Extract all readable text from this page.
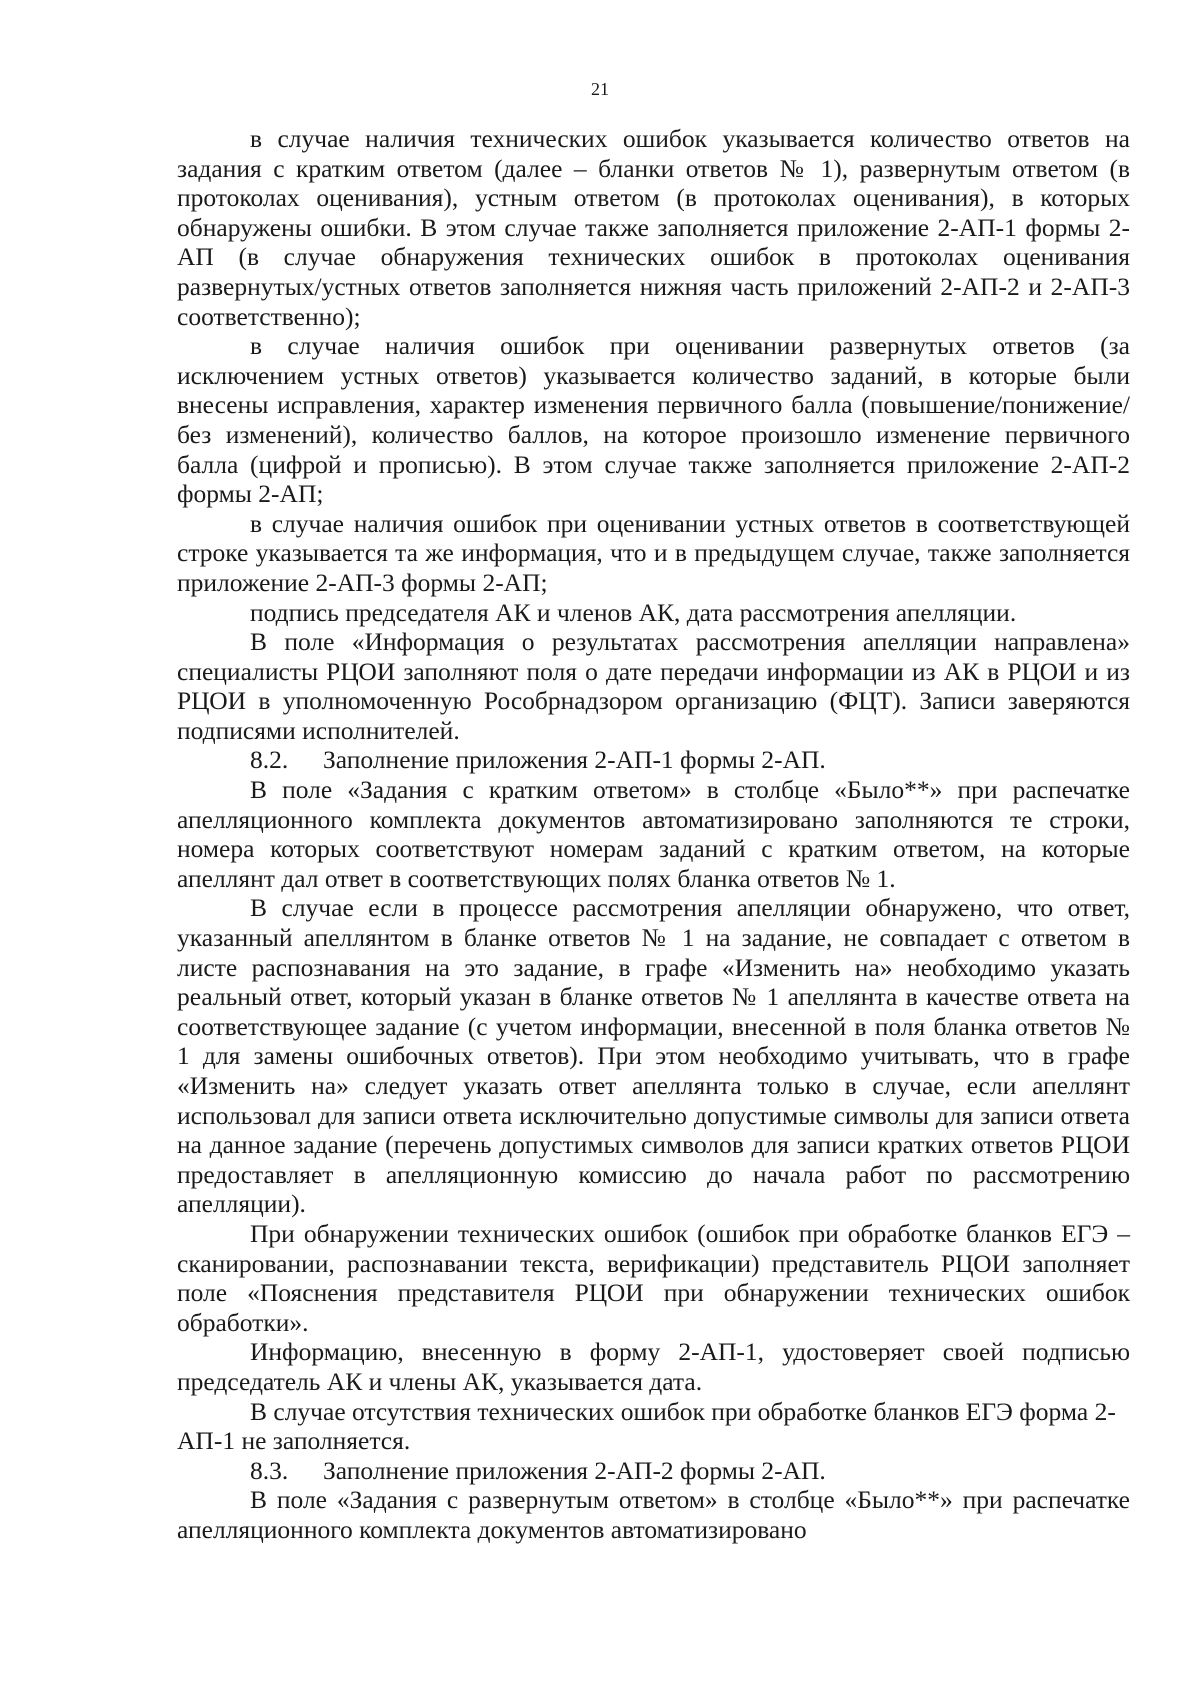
21

в случае наличия технических ошибок указывается количество ответов на задания с кратким ответом (далее – бланки ответов № 1), развернутым ответом (в протоколах оценивания), устным ответом (в протоколах оценивания), в которых обнаружены ошибки. В этом случае также заполняется приложение 2-АП-1 формы 2-АП (в случае обнаружения технических ошибок в протоколах оценивания развернутых/устных ответов заполняется нижняя часть приложений 2-АП-2 и 2-АП-3 соответственно);

в случае наличия ошибок при оценивании развернутых ответов (за исключением устных ответов) указывается количество заданий, в которые были внесены исправления, характер изменения первичного балла (повышение/понижение/без изменений), количество баллов, на которое произошло изменение первичного балла (цифрой и прописью). В этом случае также заполняется приложение 2-АП-2 формы 2-АП;

в случае наличия ошибок при оценивании устных ответов в соответствующей строке указывается та же информация, что и в предыдущем случае, также заполняется приложение 2-АП-3 формы 2-АП;

подпись председателя АК и членов АК, дата рассмотрения апелляции.

В поле «Информация о результатах рассмотрения апелляции направлена» специалисты РЦОИ заполняют поля о дате передачи информации из АК в РЦОИ и из РЦОИ в уполномоченную Рособрнадзором организацию (ФЦТ). Записи заверяются подписями исполнителей.

8.2. Заполнение приложения 2-АП-1 формы 2-АП.

В поле «Задания с кратким ответом» в столбце «Было**» при распечатке апелляционного комплекта документов автоматизировано заполняются те строки, номера которых соответствуют номерам заданий с кратким ответом, на которые апеллянт дал ответ в соответствующих полях бланка ответов № 1.

В случае если в процессе рассмотрения апелляции обнаружено, что ответ, указанный апеллянтом в бланке ответов № 1 на задание, не совпадает с ответом в листе распознавания на это задание, в графе «Изменить на» необходимо указать реальный ответ, который указан в бланке ответов № 1 апеллянта в качестве ответа на соответствующее задание (с учетом информации, внесенной в поля бланка ответов № 1 для замены ошибочных ответов). При этом необходимо учитывать, что в графе «Изменить на» следует указать ответ апеллянта только в случае, если апеллянт использовал для записи ответа исключительно допустимые символы для записи ответа на данное задание (перечень допустимых символов для записи кратких ответов РЦОИ предоставляет в апелляционную комиссию до начала работ по рассмотрению апелляции).

При обнаружении технических ошибок (ошибок при обработке бланков ЕГЭ – сканировании, распознавании текста, верификации) представитель РЦОИ заполняет поле «Пояснения представителя РЦОИ при обнаружении технических ошибок обработки».

Информацию, внесенную в форму 2-АП-1, удостоверяет своей подписью председатель АК и члены АК, указывается дата.

В случае отсутствия технических ошибок при обработке бланков ЕГЭ форма 2-АП-1 не заполняется.

8.3. Заполнение приложения 2-АП-2 формы 2-АП.

В поле «Задания с развернутым ответом» в столбце «Было**» при распечатке апелляционного комплекта документов автоматизировано
